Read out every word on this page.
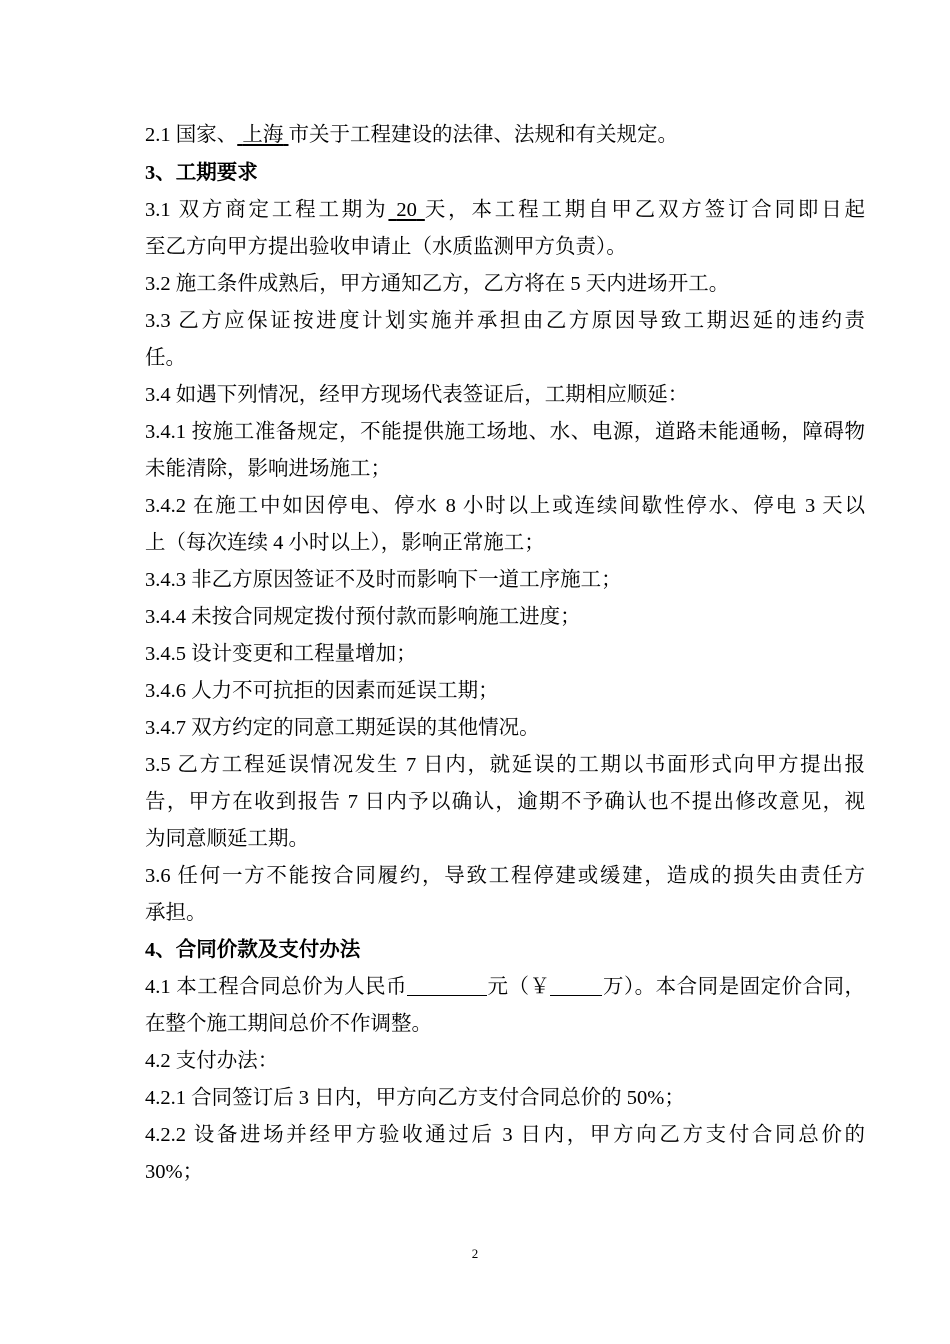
2.1 国家、 上海 市关于工程建设的法律、法规和有关规定。
3、工期要求
3.1 双方商定工程工期为 20 天，本工程工期自甲乙双方签订合同即日起
至乙方向甲方提出验收申请止（水质监测甲方负责）。
3.2 施工条件成熟后，甲方通知乙方，乙方将在 5 天内进场开工。
3.3 乙方应保证按进度计划实施并承担由乙方原因导致工期迟延的违约责
任。
3.4 如遇下列情况，经甲方现场代表签证后，工期相应顺延：
3.4.1 按施工准备规定，不能提供施工场地、水、电源，道路未能通畅，障碍物
未能清除，影响进场施工；
3.4.2 在施工中如因停电、停水 8 小时以上或连续间歇性停水、停电 3 天以
上（每次连续 4 小时以上），影响正常施工；
3.4.3 非乙方原因签证不及时而影响下一道工序施工；
3.4.4 未按合同规定拨付预付款而影响施工进度；
3.4.5 设计变更和工程量增加；
3.4.6 人力不可抗拒的因素而延误工期；
3.4.7 双方约定的同意工期延误的其他情况。
3.5 乙方工程延误情况发生 7 日内，就延误的工期以书面形式向甲方提出报
告，甲方在收到报告 7 日内予以确认，逾期不予确认也不提出修改意见，视
为同意顺延工期。
3.6 任何一方不能按合同履约，导致工程停建或缓建，造成的损失由责任方
承担。
4、合同价款及支付办法
4.1 本工程合同总价为人民币	元（￥	万）。本合同是固定价合同，
在整个施工期间总价不作调整。
4.2 支付办法：
4.2.1 合同签订后 3 日内，甲方向乙方支付合同总价的 50%；
4.2.2 设备进场并经甲方验收通过后 3 日内，甲方向乙方支付合同总价的
30%；
2
